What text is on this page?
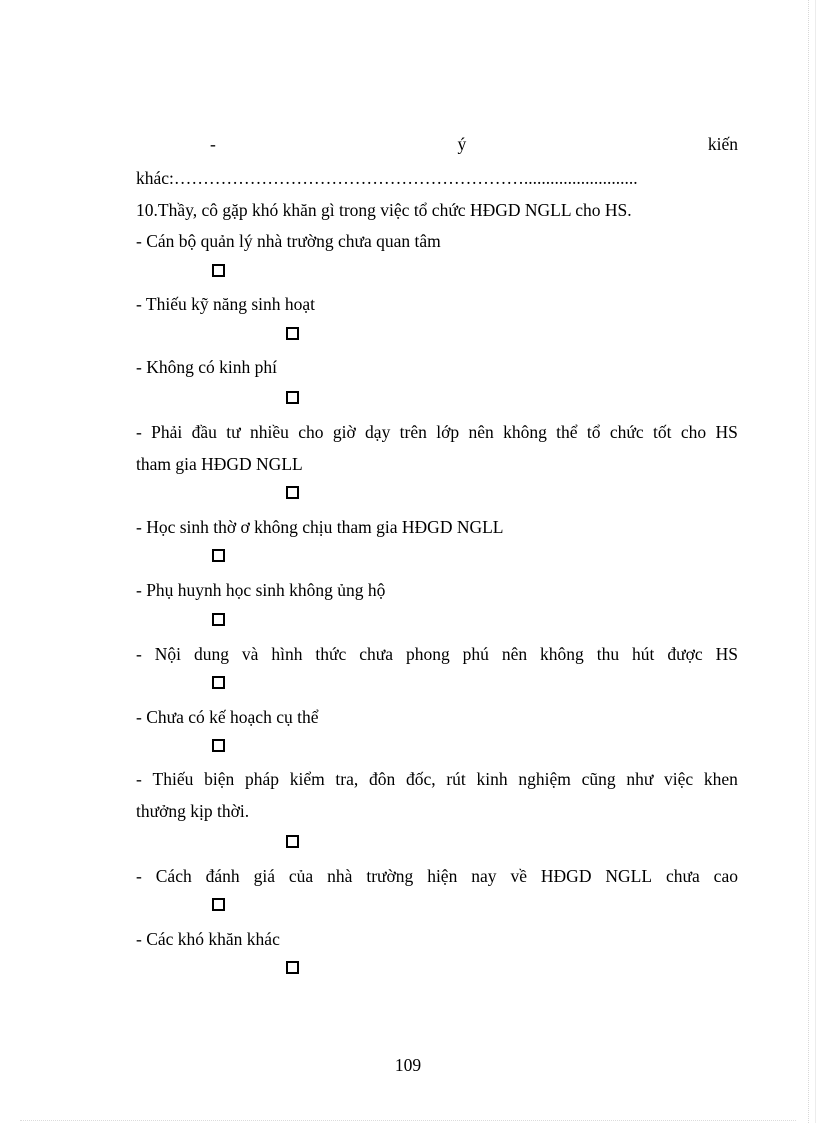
-	ý	kiến
khác:……………………………………………………..........................
10.Thầy, cô gặp khó khăn gì trong việc tổ chức HĐGD NGLL cho HS.
- Cán bộ quản lý nhà trường chưa quan tâm
- Thiếu kỹ năng sinh hoạt
- Không có kinh phí
- Phải đầu tư nhiều cho giờ dạy trên lớp nên không thể tổ chức tốt cho HS
tham gia HĐGD NGLL
- Học sinh thờ ơ không chịu tham gia HĐGD NGLL
- Phụ huynh học sinh không ủng hộ
- Nội dung và hình thức chưa phong phú nên không thu hút được HS
- Chưa có kế hoạch cụ thể
- Thiếu biện pháp kiểm tra, đôn đốc, rút kinh nghiệm cũng như việc khen
thưởng kịp thời.
- Cách đánh giá của nhà trường hiện nay về HĐGD NGLL chưa cao
- Các khó khăn khác
109
